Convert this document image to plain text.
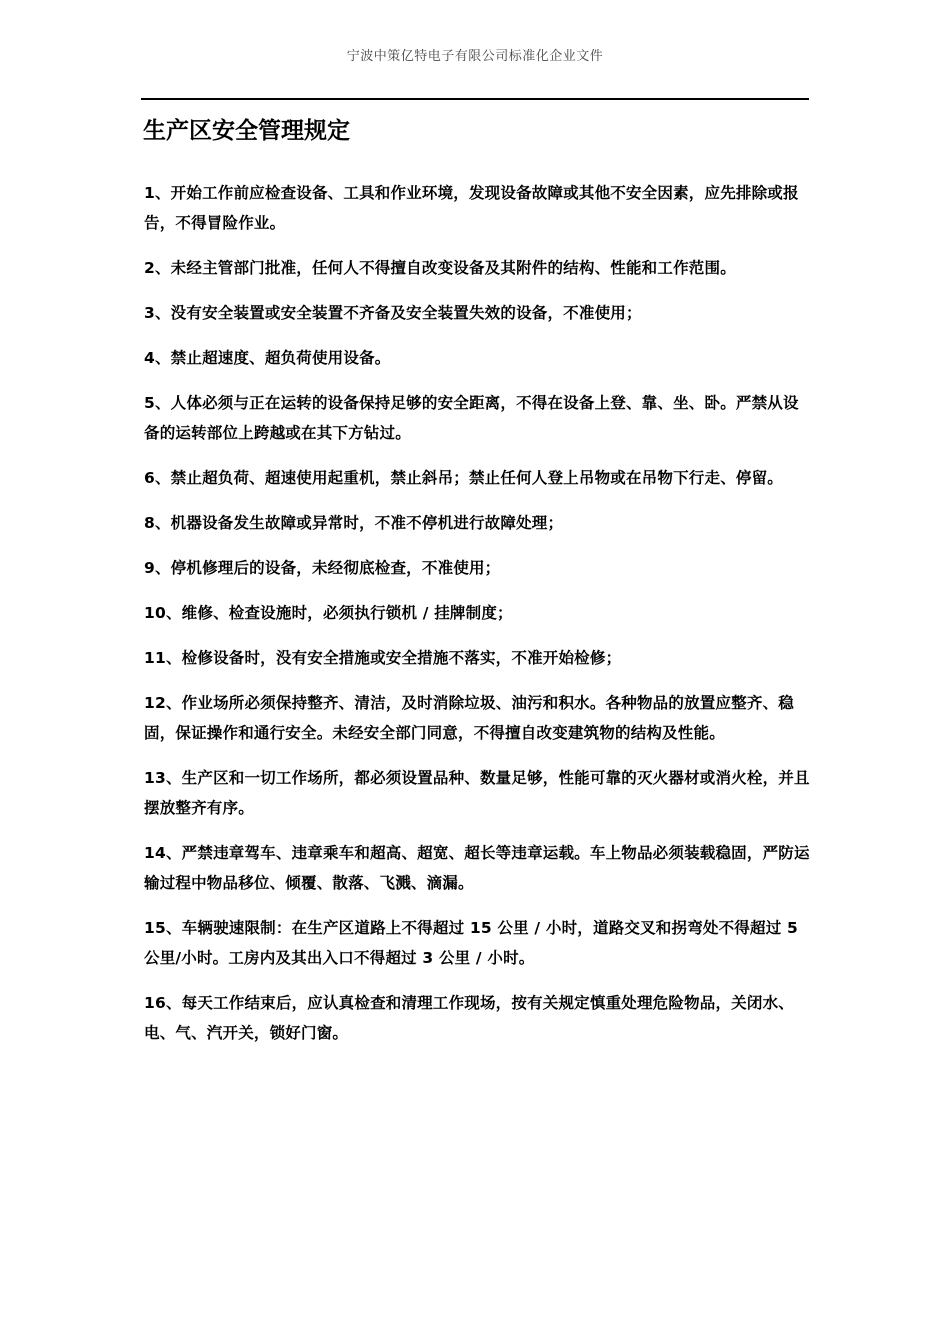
宁波中策亿特电子有限公司标准化企业文件
生产区安全管理规定
1、开始工作前应检查设备、工具和作业环境，发现设备故障或其他不安全因素，应先排除或报告，不得冒险作业。
2、未经主管部门批准，任何人不得擅自改变设备及其附件的结构、性能和工作范围。
3、没有安全装置或安全装置不齐备及安全装置失效的设备，不准使用；
4、禁止超速度、超负荷使用设备。
5、人体必须与正在运转的设备保持足够的安全距离，不得在设备上登、靠、坐、卧。严禁从设备的运转部位上跨越或在其下方钻过。
6、禁止超负荷、超速使用起重机，禁止斜吊；禁止任何人登上吊物或在吊物下行走、停留。
8、机器设备发生故障或异常时，不准不停机进行故障处理；
9、停机修理后的设备，未经彻底检查，不准使用；
10、维修、检查设施时，必须执行锁机 / 挂牌制度；
11、检修设备时，没有安全措施或安全措施不落实，不准开始检修；
12、作业场所必须保持整齐、清洁，及时消除垃圾、油污和积水。各种物品的放置应整齐、稳固，保证操作和通行安全。未经安全部门同意，不得擅自改变建筑物的结构及性能。
13、生产区和一切工作场所，都必须设置品种、数量足够，性能可靠的灭火器材或消火栓，并且摆放整齐有序。
14、严禁违章驾车、违章乘车和超高、超宽、超长等违章运载。车上物品必须装载稳固，严防运输过程中物品移位、倾覆、散落、飞溅、滴漏。
15、车辆驶速限制：在生产区道路上不得超过 15 公里 / 小时，道路交叉和拐弯处不得超过 5 公里/小时。工房内及其出入口不得超过 3 公里 / 小时。
16、每天工作结束后，应认真检查和清理工作现场，按有关规定慎重处理危险物品，关闭水、电、气、汽开关，锁好门窗。
